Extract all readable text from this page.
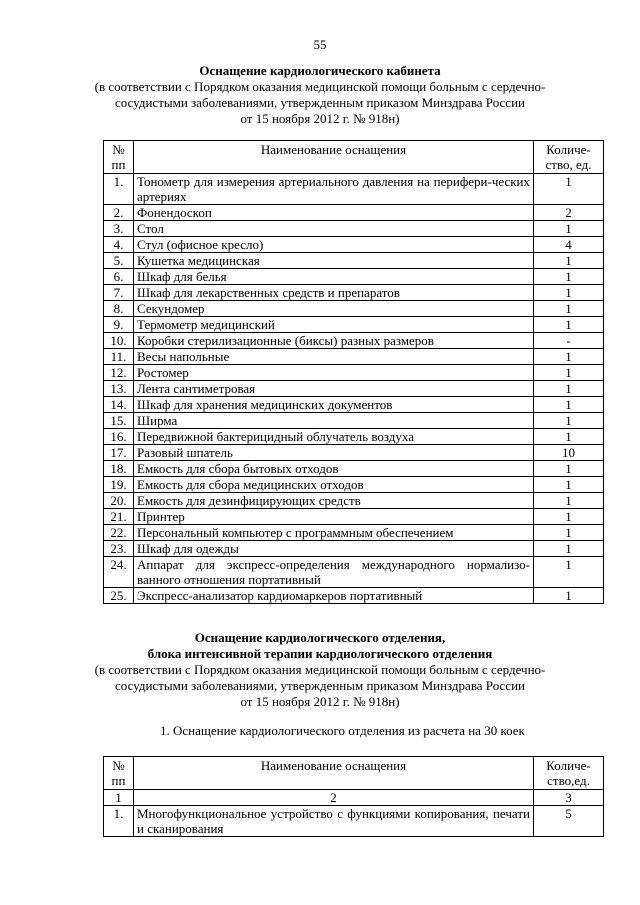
55
Оснащение кардиологического кабинета
(в соответствии с Порядком оказания медицинской помощи больным с сердечно-
сосудистыми заболеваниями, утвержденным приказом Минздрава России
от 15 ноября 2012 г. № 918н)
№ пп	Наименование оснащения	Количе-ство, ед.
1.	Тонометр для измерения артериального давления на перифери-ческих артериях	1
2.	Фонендоскоп	2
3.	Стол	1
4.	Стул (офисное кресло)	4
5.	Кушетка медицинская	1
6.	Шкаф для белья	1
7.	Шкаф для лекарственных средств и препаратов	1
8.	Секундомер	1
9.	Термометр медицинский	1
10.	Коробки стерилизационные (биксы) разных размеров	-
11.	Весы напольные	1
12.	Ростомер	1
13.	Лента сантиметровая	1
14.	Шкаф для хранения медицинских документов	1
15.	Ширма	1
16.	Передвижной бактерицидный облучатель воздуха	1
17.	Разовый шпатель	10
18.	Емкость для сбора бытовых отходов	1
19.	Емкость для сбора медицинских отходов	1
20.	Емкость для дезинфицирующих средств	1
21.	Принтер	1
22.	Персональный компьютер с программным обеспечением	1
23.	Шкаф для одежды	1
24.	Аппарат для экспресс-определения международного нормализо-ванного отношения портативный	1
25.	Экспресс-анализатор кардиомаркеров портативный	1
Оснащение кардиологического отделения,
блока интенсивной терапии кардиологического отделения
(в соответствии с Порядком оказания медицинской помощи больным с сердечно-
сосудистыми заболеваниями, утвержденным приказом Минздрава России
от 15 ноября 2012 г. № 918н)
1. Оснащение кардиологического отделения из расчета на 30 коек
№ пп	Наименование оснащения	Количе-ство,ед.
1	2	3
1.	Многофункциональное устройство с функциями копирования, печати и сканирования	5
